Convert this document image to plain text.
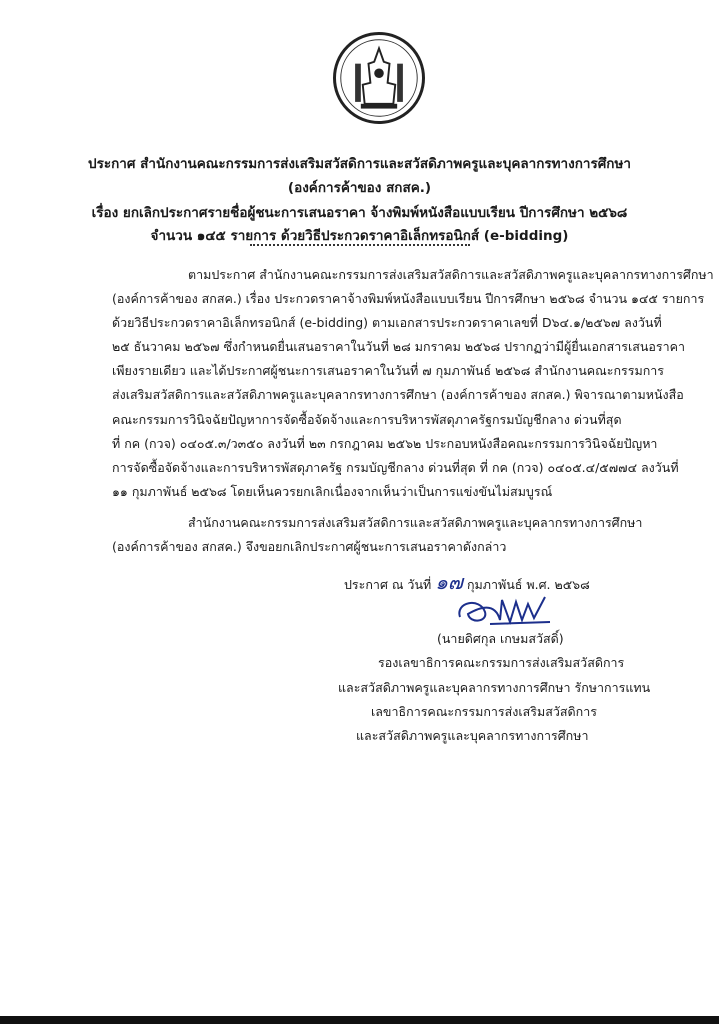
ประกาศ สำนักงานคณะกรรมการส่งเสริมสวัสดิการและสวัสดิภาพครูและบุคลากรทางการศึกษา
(องค์การค้าของ สกสค.)
เรื่อง ยกเลิกประกาศรายชื่อผู้ชนะการเสนอราคา จ้างพิมพ์หนังสือแบบเรียน ปีการศึกษา ๒๕๖๘
จำนวน ๑๔๕ รายการ ด้วยวิธีประกวดราคาอิเล็กทรอนิกส์ (e-bidding)
ตามประกาศ สำนักงานคณะกรรมการส่งเสริมสวัสดิการและสวัสดิภาพครูและบุคลากรทางการศึกษา
(องค์การค้าของ สกสค.) เรื่อง ประกวดราคาจ้างพิมพ์หนังสือแบบเรียน ปีการศึกษา ๒๕๖๘ จำนวน ๑๔๕ รายการ
ด้วยวิธีประกวดราคาอิเล็กทรอนิกส์ (e-bidding) ตามเอกสารประกวดราคาเลขที่ D๖๔.๑/๒๕๖๗ ลงวันที่
๒๕ ธันวาคม ๒๕๖๗ ซึ่งกำหนดยื่นเสนอราคาในวันที่ ๒๘ มกราคม ๒๕๖๘ ปรากฏว่ามีผู้ยื่นเอกสารเสนอราคา
เพียงรายเดียว และได้ประกาศผู้ชนะการเสนอราคาในวันที่ ๗ กุมภาพันธ์ ๒๕๖๘ สำนักงานคณะกรรมการ
ส่งเสริมสวัสดิการและสวัสดิภาพครูและบุคลากรทางการศึกษา (องค์การค้าของ สกสค.) พิจารณาตามหนังสือ
คณะกรรมการวินิจฉัยปัญหาการจัดซื้อจัดจ้างและการบริหารพัสดุภาครัฐกรมบัญชีกลาง ด่วนที่สุด
ที่ กค (กวจ) ๐๔๐๕.๓/ว๓๕๐ ลงวันที่ ๒๓ กรกฎาคม ๒๕๖๒ ประกอบหนังสือคณะกรรมการวินิจฉัยปัญหา
การจัดซื้อจัดจ้างและการบริหารพัสดุภาครัฐ กรมบัญชีกลาง ด่วนที่สุด ที่ กค (กวจ) ๐๔๐๕.๔/๕๗๗๔ ลงวันที่
๑๑ กุมภาพันธ์ ๒๕๖๘ โดยเห็นควรยกเลิกเนื่องจากเห็นว่าเป็นการแข่งขันไม่สมบูรณ์
สำนักงานคณะกรรมการส่งเสริมสวัสดิการและสวัสดิภาพครูและบุคลากรทางการศึกษา
(องค์การค้าของ สกสค.) จึงขอยกเลิกประกาศผู้ชนะการเสนอราคาดังกล่าว
ประกาศ ณ วันที่ ๑๗ กุมภาพันธ์ พ.ศ. ๒๕๖๘
(นายดิศกุล เกษมสวัสดิ์)
รองเลขาธิการคณะกรรมการส่งเสริมสวัสดิการ
และสวัสดิภาพครูและบุคลากรทางการศึกษา รักษาการแทน
เลขาธิการคณะกรรมการส่งเสริมสวัสดิการ
และสวัสดิภาพครูและบุคลากรทางการศึกษา
